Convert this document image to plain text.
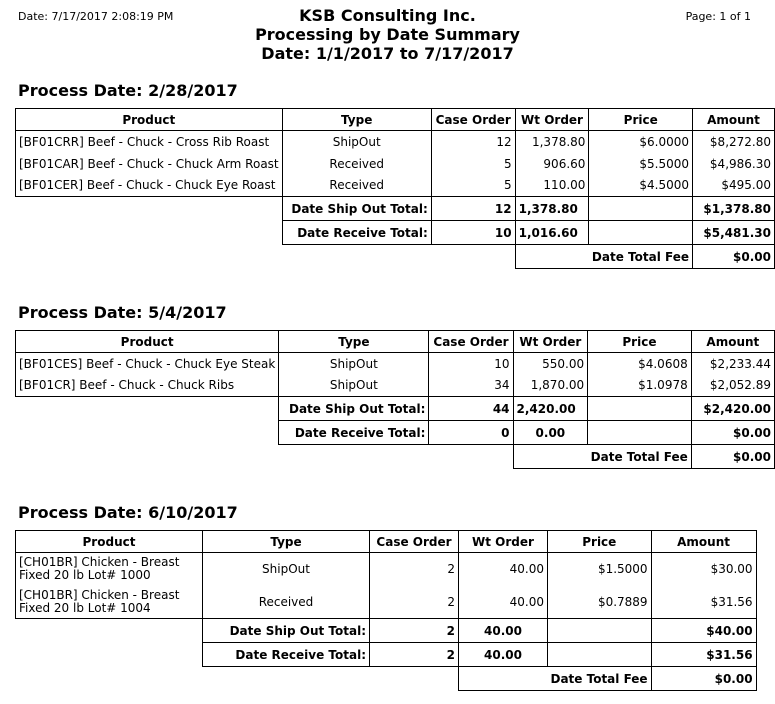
Date: 7/17/2017 2:08:19 PM	Page: 1 of 1
KSB Consulting Inc.
Processing by Date Summary
Date: 1/1/2017 to 7/17/2017
Process Date: 2/28/2017
Product	Type	Case Order	Wt Order	Price	Amount
[BF01CRR] Beef - Chuck - Cross Rib Roast	ShipOut	12	1,378.80	$6.0000	$8,272.80
[BF01CAR] Beef - Chuck - Chuck Arm Roast	Received	5	906.60	$5.5000	$4,986.30
[BF01CER] Beef - Chuck - Chuck Eye Roast	Received	5	110.00	$4.5000	$495.00
	Date Ship Out Total:	12	1,378.80		$1,378.80
	Date Receive Total:	10	1,016.60		$5,481.30
				Date Total Fee	$0.00
Process Date: 5/4/2017
Product	Type	Case Order	Wt Order	Price	Amount
[BF01CES] Beef - Chuck - Chuck Eye Steak	ShipOut	10	550.00	$4.0608	$2,233.44
[BF01CR] Beef - Chuck - Chuck Ribs	ShipOut	34	1,870.00	$1.0978	$2,052.89
	Date Ship Out Total:	44	2,420.00		$2,420.00
	Date Receive Total:	0	0.00		$0.00
				Date Total Fee	$0.00
Process Date: 6/10/2017
Product	Type	Case Order	Wt Order	Price	Amount
[CH01BR] Chicken - Breast Fixed 20 lb Lot# 1000	ShipOut	2	40.00	$1.5000	$30.00
[CH01BR] Chicken - Breast Fixed 20 lb Lot# 1004	Received	2	40.00	$0.7889	$31.56
	Date Ship Out Total:	2	40.00		$40.00
	Date Receive Total:	2	40.00		$31.56
				Date Total Fee	$0.00
